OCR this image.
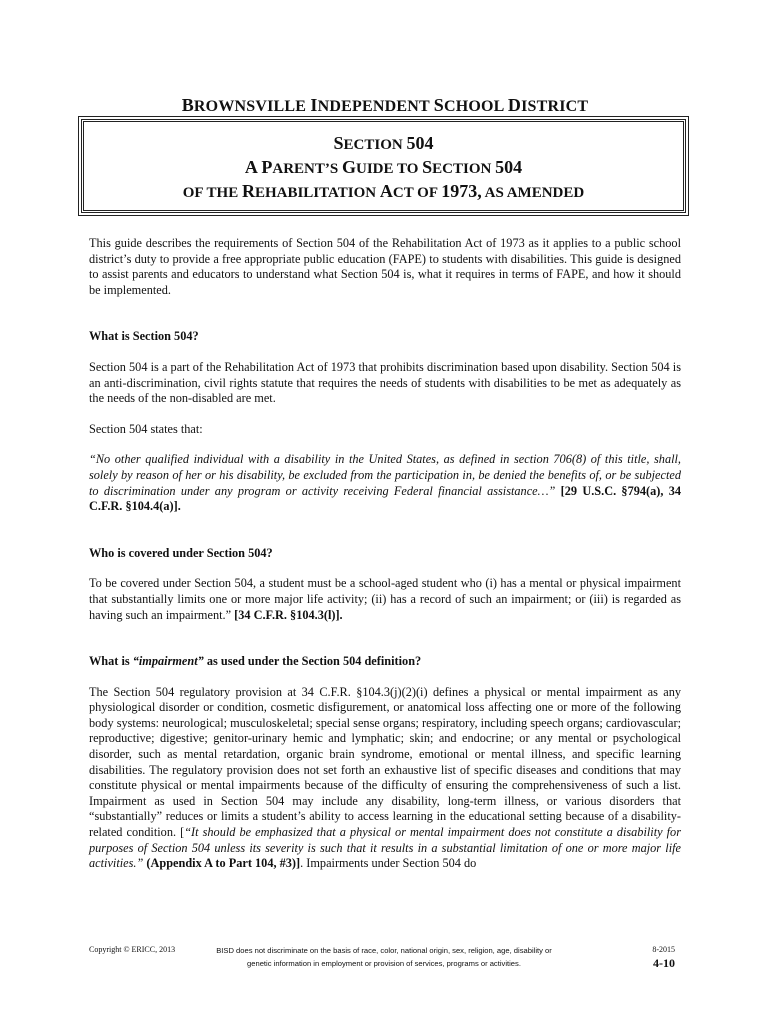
BROWNSVILLE INDEPENDENT SCHOOL DISTRICT
SECTION 504
A PARENT’S GUIDE TO SECTION 504
OF THE REHABILITATION ACT OF 1973, AS AMENDED

This guide describes the requirements of Section 504 of the Rehabilitation Act of 1973 as it applies to a public school district’s duty to provide a free appropriate public education (FAPE) to students with disabilities. This guide is designed to assist parents and educators to understand what Section 504 is, what it requires in terms of FAPE, and how it should be implemented.

What is Section 504?

Section 504 is a part of the Rehabilitation Act of 1973 that prohibits discrimination based upon disability. Section 504 is an anti-discrimination, civil rights statute that requires the needs of students with disabilities to be met as adequately as the needs of the non-disabled are met.

Section 504 states that:

“No other qualified individual with a disability in the United States, as defined in section 706(8) of this title, shall, solely by reason of her or his disability, be excluded from the participation in, be denied the benefits of, or be subjected to discrimination under any program or activity receiving Federal financial assistance…” [29 U.S.C. §794(a), 34 C.F.R. §104.4(a)].

Who is covered under Section 504?

To be covered under Section 504, a student must be a school-aged student who (i) has a mental or physical impairment that substantially limits one or more major life activity; (ii) has a record of such an impairment; or (iii) is regarded as having such an impairment.” [34 C.F.R. §104.3(l)].

What is “impairment” as used under the Section 504 definition?

The Section 504 regulatory provision at 34 C.F.R. §104.3(j)(2)(i) defines a physical or mental impairment as any physiological disorder or condition, cosmetic disfigurement, or anatomical loss affecting one or more of the following body systems: neurological; musculoskeletal; special sense organs; respiratory, including speech organs; cardiovascular; reproductive; digestive; genitor-urinary hemic and lymphatic; skin; and endocrine; or any mental or psychological disorder, such as mental retardation, organic brain syndrome, emotional or mental illness, and specific learning disabilities. The regulatory provision does not set forth an exhaustive list of specific diseases and conditions that may constitute physical or mental impairments because of the difficulty of ensuring the comprehensiveness of such a list. Impairment as used in Section 504 may include any disability, long-term illness, or various disorders that “substantially” reduces or limits a student’s ability to access learning in the educational setting because of a disability-related condition. [“It should be emphasized that a physical or mental impairment does not constitute a disability for purposes of Section 504 unless its severity is such that it results in a substantial limitation of one or more major life activities.” (Appendix A to Part 104, #3)]. Impairments under Section 504 do

Copyright © ERICC, 2013	BISD does not discriminate on the basis of race, color, national origin, sex, religion, age, disability or
genetic information in employment or provision of services, programs or activities.
8-2015
4-10
